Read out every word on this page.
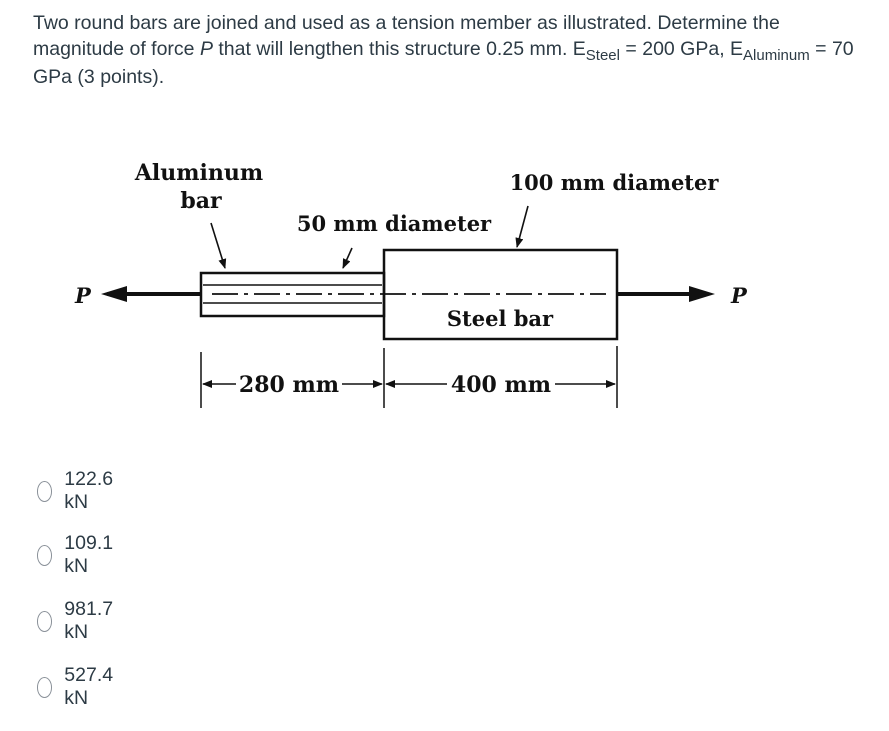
Two round bars are joined and used as a tension member as illustrated. Determine the magnitude of force P that will lengthen this structure 0.25 mm. $E_{Steel} = 200$ GPa, $E_{Aluminum} = 70$ GPa (3 points).
Aluminum
bar
50 mm diameter
100 mm diameter
P	P
Steel bar
280 mm	400 mm
122.6 kN
109.1 kN
981.7 kN
527.4 kN
